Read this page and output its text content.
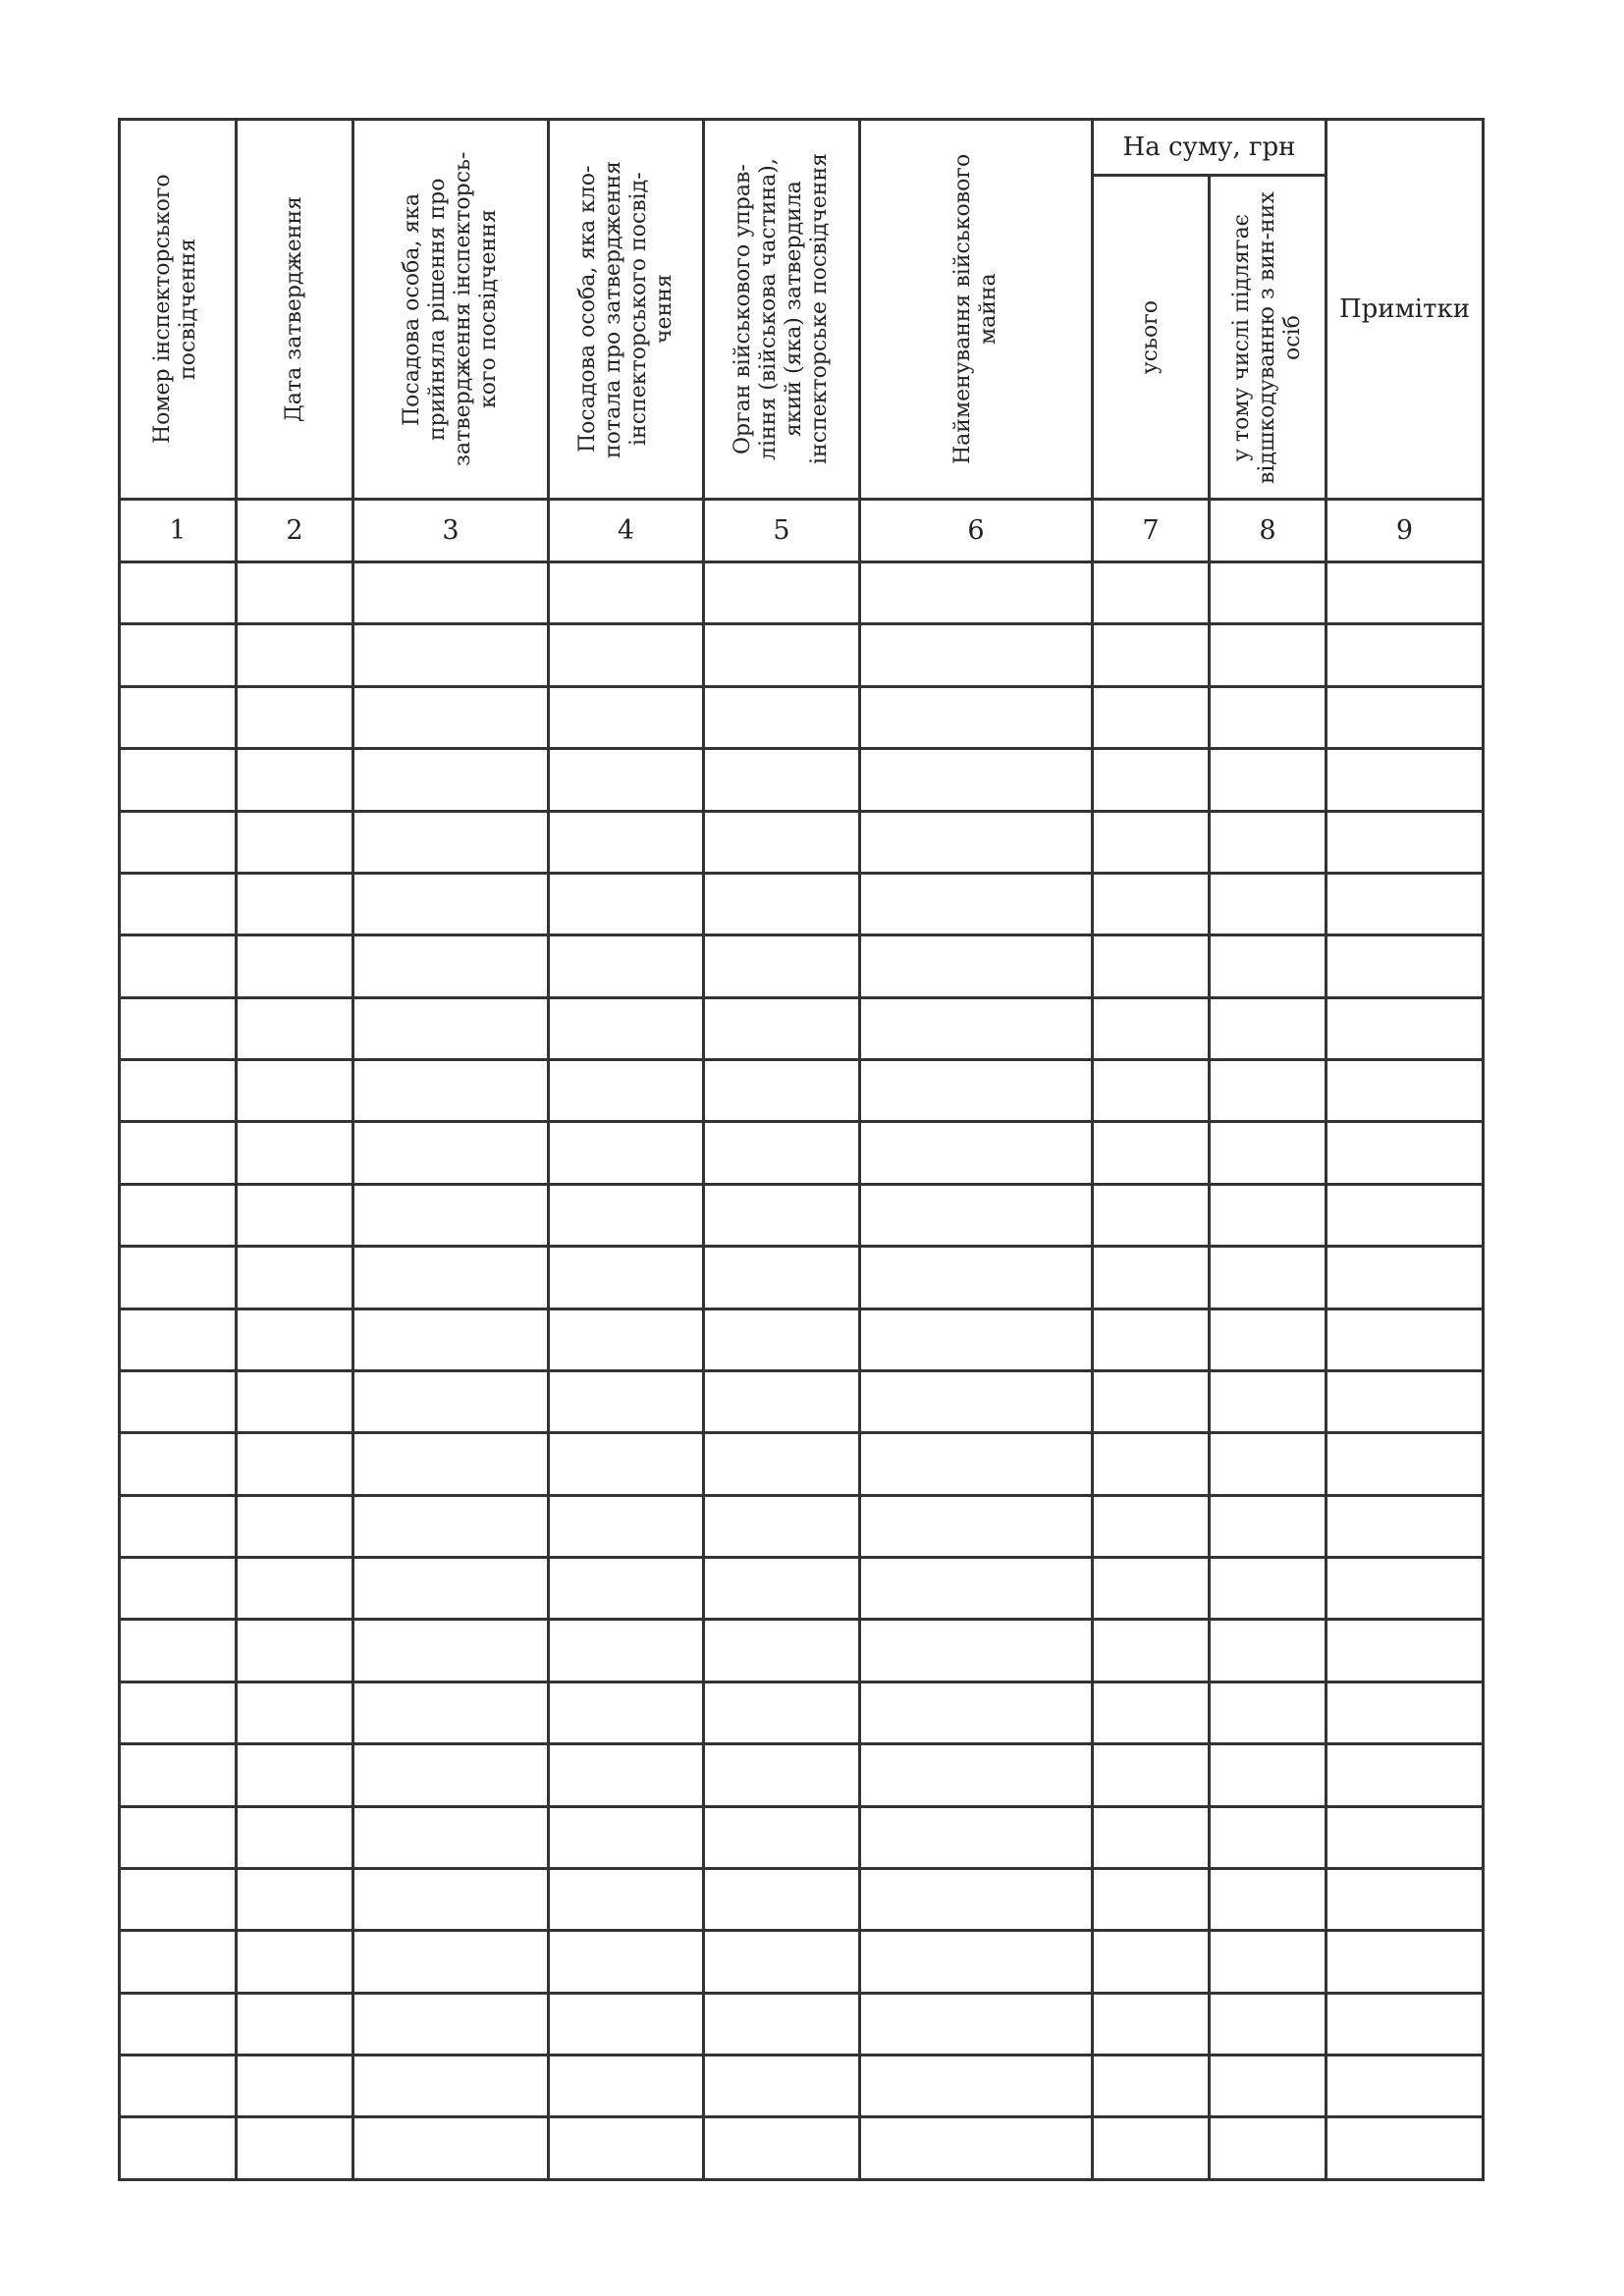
Номер інспекторського посвідчення	Дата затвердження	Посадова особа, яка прийняла рішення про затвердження інспекторсь-кого посвідчення	Посадова особа, яка кло-потала про затвердження інспекторського посвід-чення	Орган військового управ-ління (військова частина), який (яка) затвердила інспекторське посвідчення	Найменування військового майна	На суму, грн		Примітки

						усього	у тому числі підлягає відшкодуванню з вин-них осіб	

1	2	3	4	5	6	7	8	9
